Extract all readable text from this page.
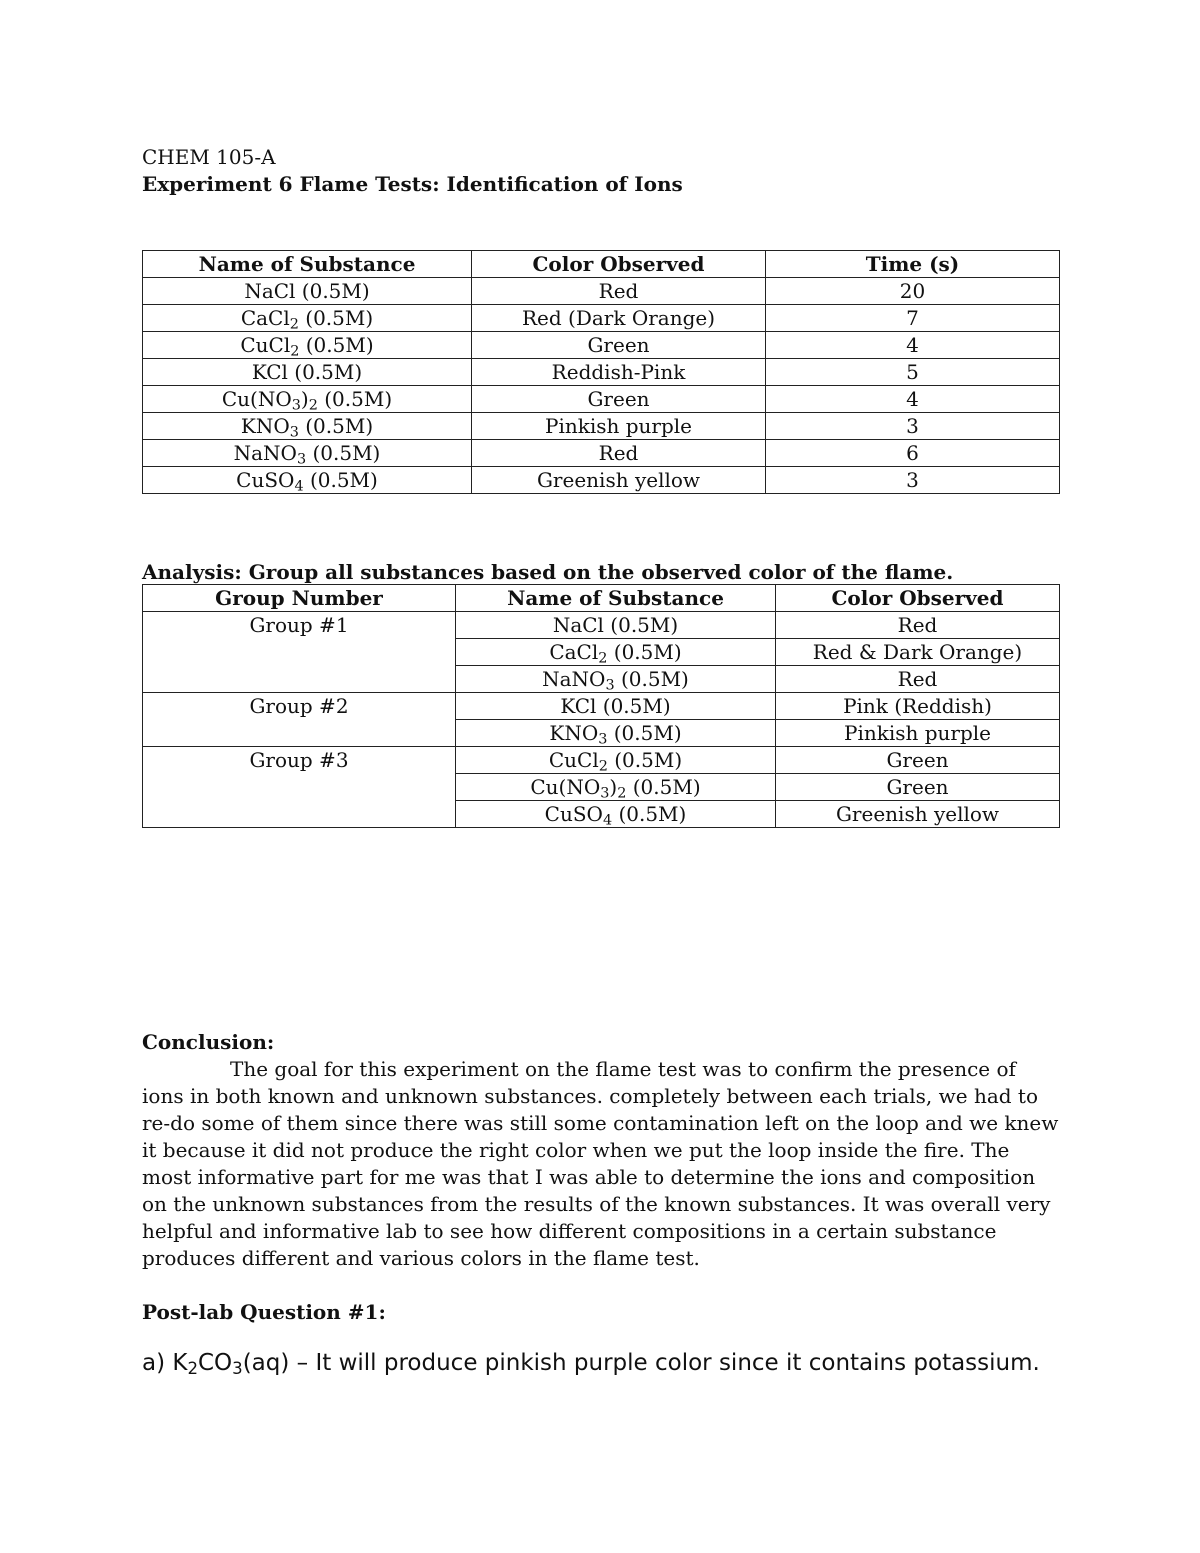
CHEM 105-A
Experiment 6 Flame Tests: Identification of Ions
Name of Substance	Color Observed	Time (s)
NaCl (0.5M)	Red	20
CaCl$_2$ (0.5M)	Red (Dark Orange)	7
CuCl$_2$ (0.5M)	Green	4
KCl (0.5M)	Reddish-Pink	5
$Cu(NO_3)_2$ (0.5M)	Green	4
$KNO_3$ (0.5M)	Pinkish purple	3
NaNO$_3$ (0.5M)	Red	6
CuSO$_4$ (0.5M)	Greenish yellow	3
Analysis: Group all substances based on the observed color of the flame.
Group Number	Name of Substance	Color Observed
Group #1	NaCl (0.5M)	Red
	CaCl$_2$ (0.5M)	Red & Dark Orange)
	NaNO$_3$ (0.5M)	Red
Group #2	KCl (0.5M)	Pink (Reddish)
	$KNO_3$ (0.5M)	Pinkish purple
Group #3	CuCl$_2$ (0.5M)	Green
	$Cu(NO_3)_2$ (0.5M)	Green
	CuSO$_4$ (0.5M)	Greenish yellow
Conclusion:

The goal for this experiment on the flame test was to confirm the presence of ions in both known and unknown substances. completely between each trials, we had to re-do some of them since there was still some contamination left on the loop and we knew it because it did not produce the right color when we put the loop inside the fire. The most informative part for me was that I was able to determine the ions and composition on the unknown substances from the results of the known substances. It was overall very helpful and informative lab to see how different compositions in a certain substance produces different and various colors in the flame test.

Post-lab Question #1:
a) $K_2CO_3(aq)$ – It will produce pinkish purple color since it contains potassium.
